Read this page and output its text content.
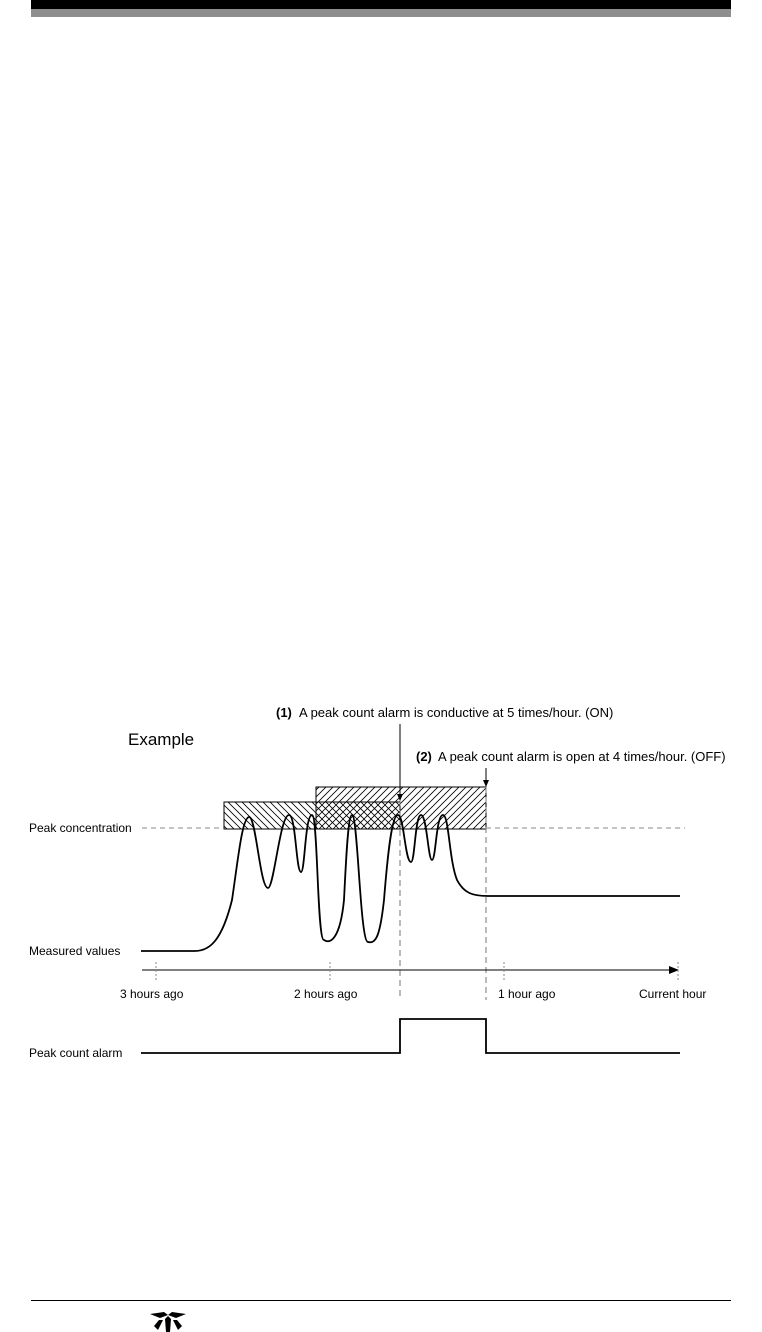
(1) A peak count alarm is conductive at 5 times/hour. (ON)
(2) A peak count alarm is open at 4 times/hour. (OFF)
Example
Peak concentration
Measured values
3 hours ago	2 hours ago	1 hour ago	Current hour
Peak count alarm
